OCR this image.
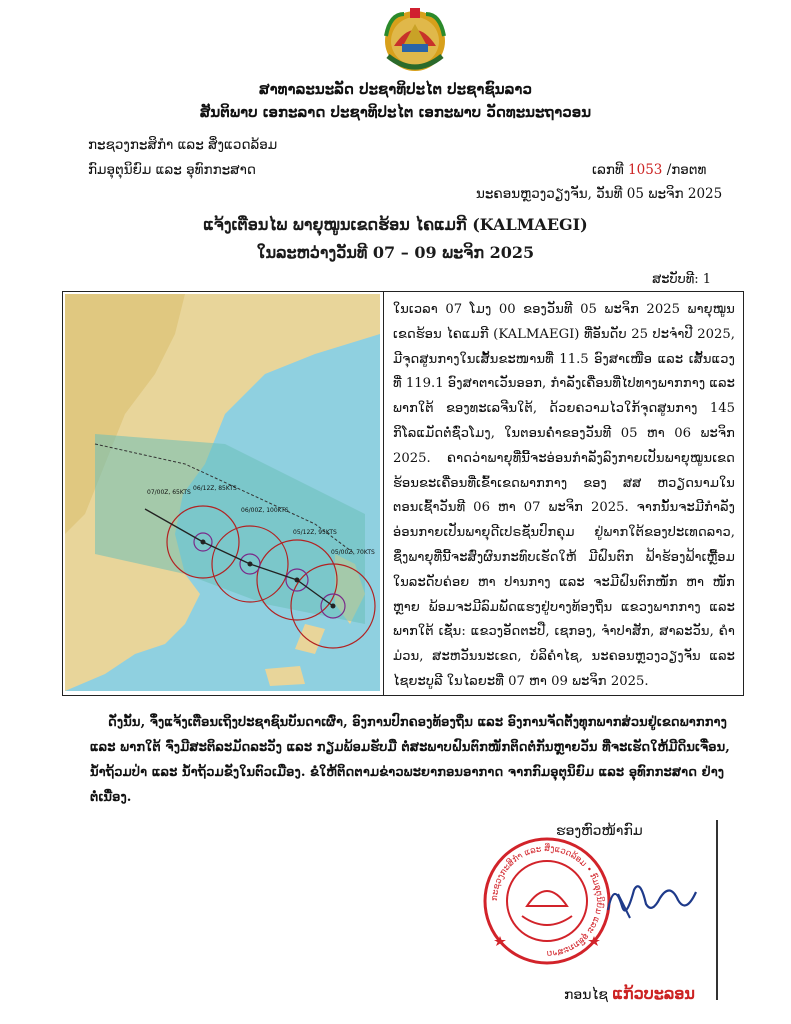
ສາທາລະນະລັດ ປະຊາທິປະໄຕ ປະຊາຊົນລາວ
ສັນຕິພາບ ເອກະລາດ ປະຊາທິປະໄຕ ເອກະພາບ ວັດທະນະຖາວອນ
ກະຊວງກະສິກຳ ແລະ ສິ່ງແວດລ້ອມ
ກົມອຸຕຸນິຍົມ ແລະ ອຸທົກກະສາດ	ເລກທີ 1053 /ກອຕທ
ນະຄອນຫຼວງວຽງຈັນ, ວັນທີ 05 ພະຈິກ 2025
ແຈ້ງເຕືອນໄພ ພາຍຸໝູນເຂດຮ້ອນ ໄຄແມກີ (KALMAEGI)
ໃນລະຫວ່າງວັນທີ 07 – 09 ພະຈິກ 2025
ສະບັບທີ: 1
07/00Z, 65KTS
06/12Z, 85KTS
06/00Z, 100KTS
05/12Z, 95KTS
05/00Z, 70KTS
ໃນເວລາ 07 ໂມງ 00 ຂອງວັນທີ 05 ພະຈິກ 2025 ພາຍຸໝູນເຂດຮ້ອນ ໄຄແມກີ (KALMAEGI) ທີ່ອັນດັບ 25 ປະຈຳປີ 2025, ມີຈຸດສູນກາງໃນເສັ້ນຂະໜານທີ່ 11.5 ອົງສາເໜືອ ແລະ ເສັ້ນແວງທີ່ 119.1 ອົງສາຕາເວັນອອກ, ກຳລັງເຄື່ອນທີ່ໄປທາງພາກກາງ ແລະ ພາກໃຕ້ ຂອງທະເລຈີນໃຕ້, ດ້ວຍຄວາມໄວໃກ້ຈຸດສູນກາງ 145 ກິໂລແມັດຕໍ່ຊົ່ວໂມງ, ໃນຕອນຄ່ຳຂອງວັນທີ 05 ຫາ 06 ພະຈິກ 2025. ຄາດວ່າພາຍຸທີ່ນີ້ຈະອ່ອນກຳລັງລົງກາຍເປັນພາຍຸໝູນເຂດຮ້ອນຂະເຄື່ອນທີ່ເຂົ້າເຂດພາກກາງ ຂອງ ສສ ຫວຽດນາມໃນຕອນເຊົ້າວັນທີ 06 ຫາ 07 ພະຈິກ 2025. ຈາກນັ້ນຈະມີກຳລັງອ່ອນກາຍເປັນພາຍຸດີເປຣຊັນປົກຄຸມ ຢູ່ພາກໃຕ້ຂອງປະເທດລາວ, ຊຶ່ງພາຍຸທີ່ນີ້ຈະສົ່ງຜົນກະທົບເຮັດໃຫ້ ມີຝົນຕົກ ຟ້າຮ້ອງຟ້າເຫຼື້ອມ ໃນລະດັບຄ່ອຍ ຫາ ປານກາງ ແລະ ຈະມີຝົນຕົກໜັກ ຫາ ໜັກຫຼາຍ ພ້ອມຈະມີລົມພັດແຮງຢູ່ບາງທ້ອງຖິ່ນ ແຂວງພາກກາງ ແລະ ພາກໃຕ້ ເຊັ່ນ: ແຂວງອັດຕະປື, ເຊກອງ, ຈຳປາສັກ, ສາລະວັນ, ຄຳມ່ວນ, ສະຫວັນນະເຂດ, ບໍລິຄຳໄຊ, ນະຄອນຫຼວງວຽງຈັນ ແລະ ໄຊຍະບູລີ ໃນໄລຍະທີ່ 07 ຫາ 09 ພະຈິກ 2025.
ດັ່ງນັ້ນ, ຈຶ່ງແຈ້ງເຕືອນເຖິງປະຊາຊົນບັນດາເຜົ່າ, ອົງການປົກຄອງທ້ອງຖິ່ນ ແລະ ອົງການຈັດຕັ້ງທຸກພາກສ່ວນຢູ່ເຂດພາກກາງ ແລະ ພາກໃຕ້ ຈົ່ງມີສະຕິລະມັດລະວັງ ແລະ ກຽມພ້ອມຮັບມື ຕໍ່ສະພາບຝົນຕົກໜັກຕິດຕໍ່ກັນຫຼາຍວັນ ທີ່ຈະເຮັດໃຫ້ມີດິນເຈື່ອນ, ນ້ຳຖ້ວມປ່າ ແລະ ນ້ຳຖ້ວມຂັງໃນຕົວເມືອງ. ຂໍໃຫ້ຕິດຕາມຂ່າວພະຍາກອນອາກາດ ຈາກກົມອຸຕຸນິຍົມ ແລະ ອຸທົກກະສາດ ຢ່າງຕໍ່ເນື່ອງ.
ຮອງຫົວໜ້າກົມ
ກະຊວງກະສິກຳ ແລະ ສິ່ງແວດລ້ອມ • ກົມອຸຕຸນິຍົມ ແລະ ອຸທົກກະສາດ
ກອນໄຊ ແກ້ວບະລອນ
